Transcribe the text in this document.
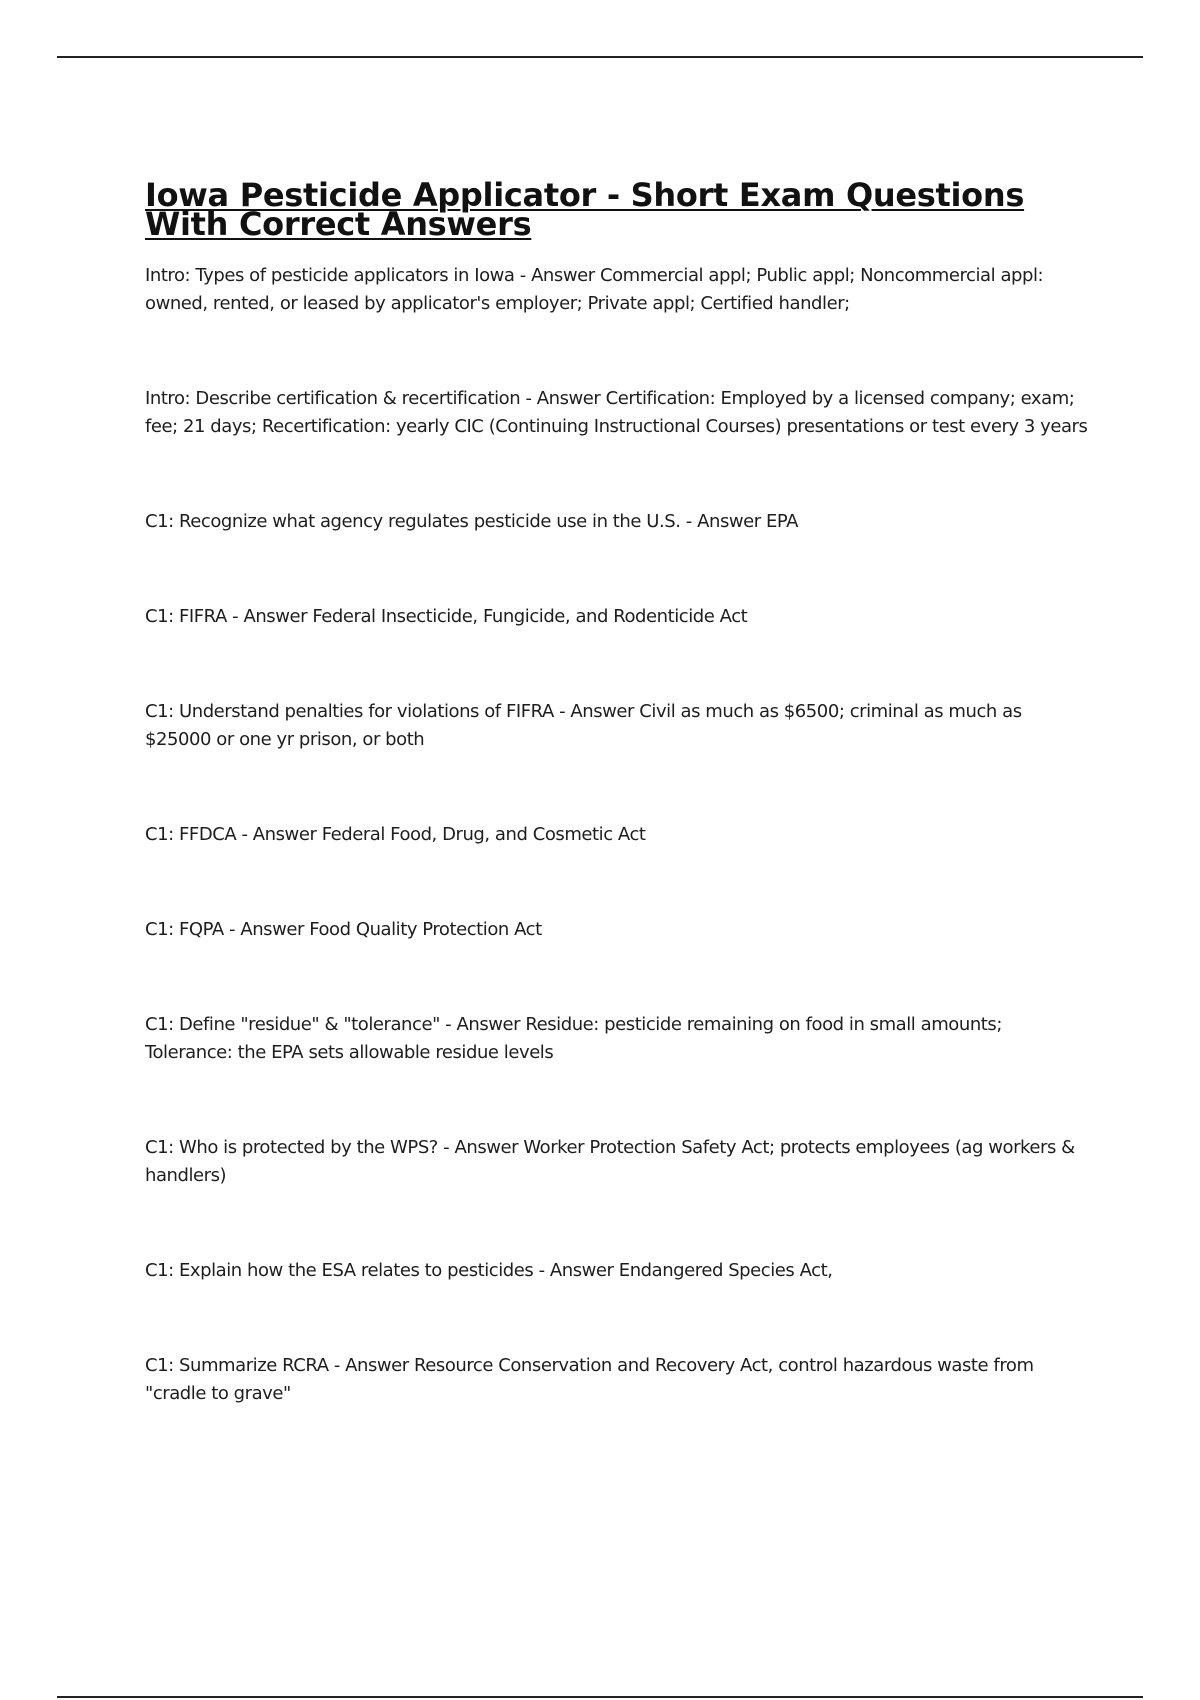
Iowa Pesticide Applicator - Short Exam Questions With Correct Answers
Intro: Types of pesticide applicators in Iowa - Answer Commercial appl; Public appl; Noncommercial appl: owned, rented, or leased by applicator's employer; Private appl; Certified handler;
Intro: Describe certification & recertification - Answer Certification: Employed by a licensed company; exam; fee; 21 days; Recertification: yearly CIC (Continuing Instructional Courses) presentations or test every 3 years
C1: Recognize what agency regulates pesticide use in the U.S. - Answer EPA
C1: FIFRA - Answer Federal Insecticide, Fungicide, and Rodenticide Act
C1: Understand penalties for violations of FIFRA - Answer Civil as much as $6500; criminal as much as $25000 or one yr prison, or both
C1: FFDCA - Answer Federal Food, Drug, and Cosmetic Act
C1: FQPA - Answer Food Quality Protection Act
C1: Define "residue" & "tolerance" - Answer Residue: pesticide remaining on food in small amounts; Tolerance: the EPA sets allowable residue levels
C1: Who is protected by the WPS? - Answer Worker Protection Safety Act; protects employees (ag workers & handlers)
C1: Explain how the ESA relates to pesticides - Answer Endangered Species Act,
C1: Summarize RCRA - Answer Resource Conservation and Recovery Act, control hazardous waste from "cradle to grave"
